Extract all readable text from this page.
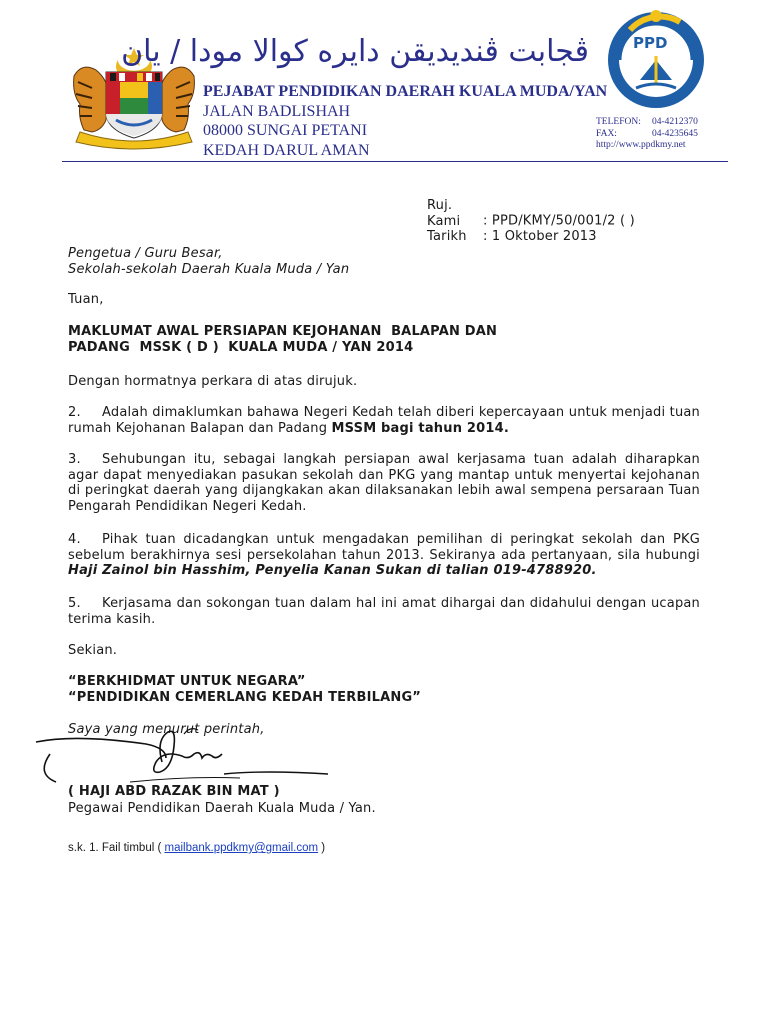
ڤجابت ڤندیدیقن دایره کوالا مودا / یان	PPD
PEJABAT PENDIDIKAN DAERAH KUALA MUDA/YAN
JALAN BADLISHAH
08000 SUNGAI PETANI
KEDAH DARUL AMAN
TELEFON: 04-4212370
FAX:	04-4235645
http://www.ppdkmy.net
Ruj. Kami : PPD/KMY/50/001/2 ( )
Tarikh : 1 Oktober 2013
Pengetua / Guru Besar,
Sekolah-sekolah Daerah Kuala Muda / Yan
Tuan,
MAKLUMAT AWAL PERSIAPAN KEJOHANAN  BALAPAN DAN
PADANG  MSSK ( D )  KUALA MUDA / YAN 2014
Dengan hormatnya perkara di atas dirujuk.
2. Adalah dimaklumkan bahawa Negeri Kedah telah diberi kepercayaan untuk menjadi tuan rumah Kejohanan Balapan dan Padang MSSM bagi tahun 2014.
3. Sehubungan itu, sebagai langkah persiapan awal kerjasama tuan adalah diharapkan agar dapat menyediakan pasukan sekolah dan PKG yang mantap untuk menyertai kejohanan di peringkat daerah yang dijangkakan akan dilaksanakan lebih awal sempena persaraan Tuan Pengarah Pendidikan Negeri Kedah.
4. Pihak tuan dicadangkan untuk mengadakan pemilihan di peringkat sekolah dan PKG sebelum berakhirnya sesi persekolahan tahun 2013. Sekiranya ada pertanyaan, sila hubungi Haji Zainol bin Hasshim, Penyelia Kanan Sukan di talian 019-4788920.
5. Kerjasama dan sokongan tuan dalam hal ini amat dihargai dan didahului dengan ucapan terima kasih.
Sekian.
“BERKHIDMAT UNTUK NEGARA”
“PENDIDIKAN CEMERLANG KEDAH TERBILANG”
Saya yang menurut perintah,
( HAJI ABD RAZAK BIN MAT )
Pegawai Pendidikan Daerah Kuala Muda / Yan.
s.k. 1. Fail timbul ( mailbank.ppdkmy@gmail.com )
